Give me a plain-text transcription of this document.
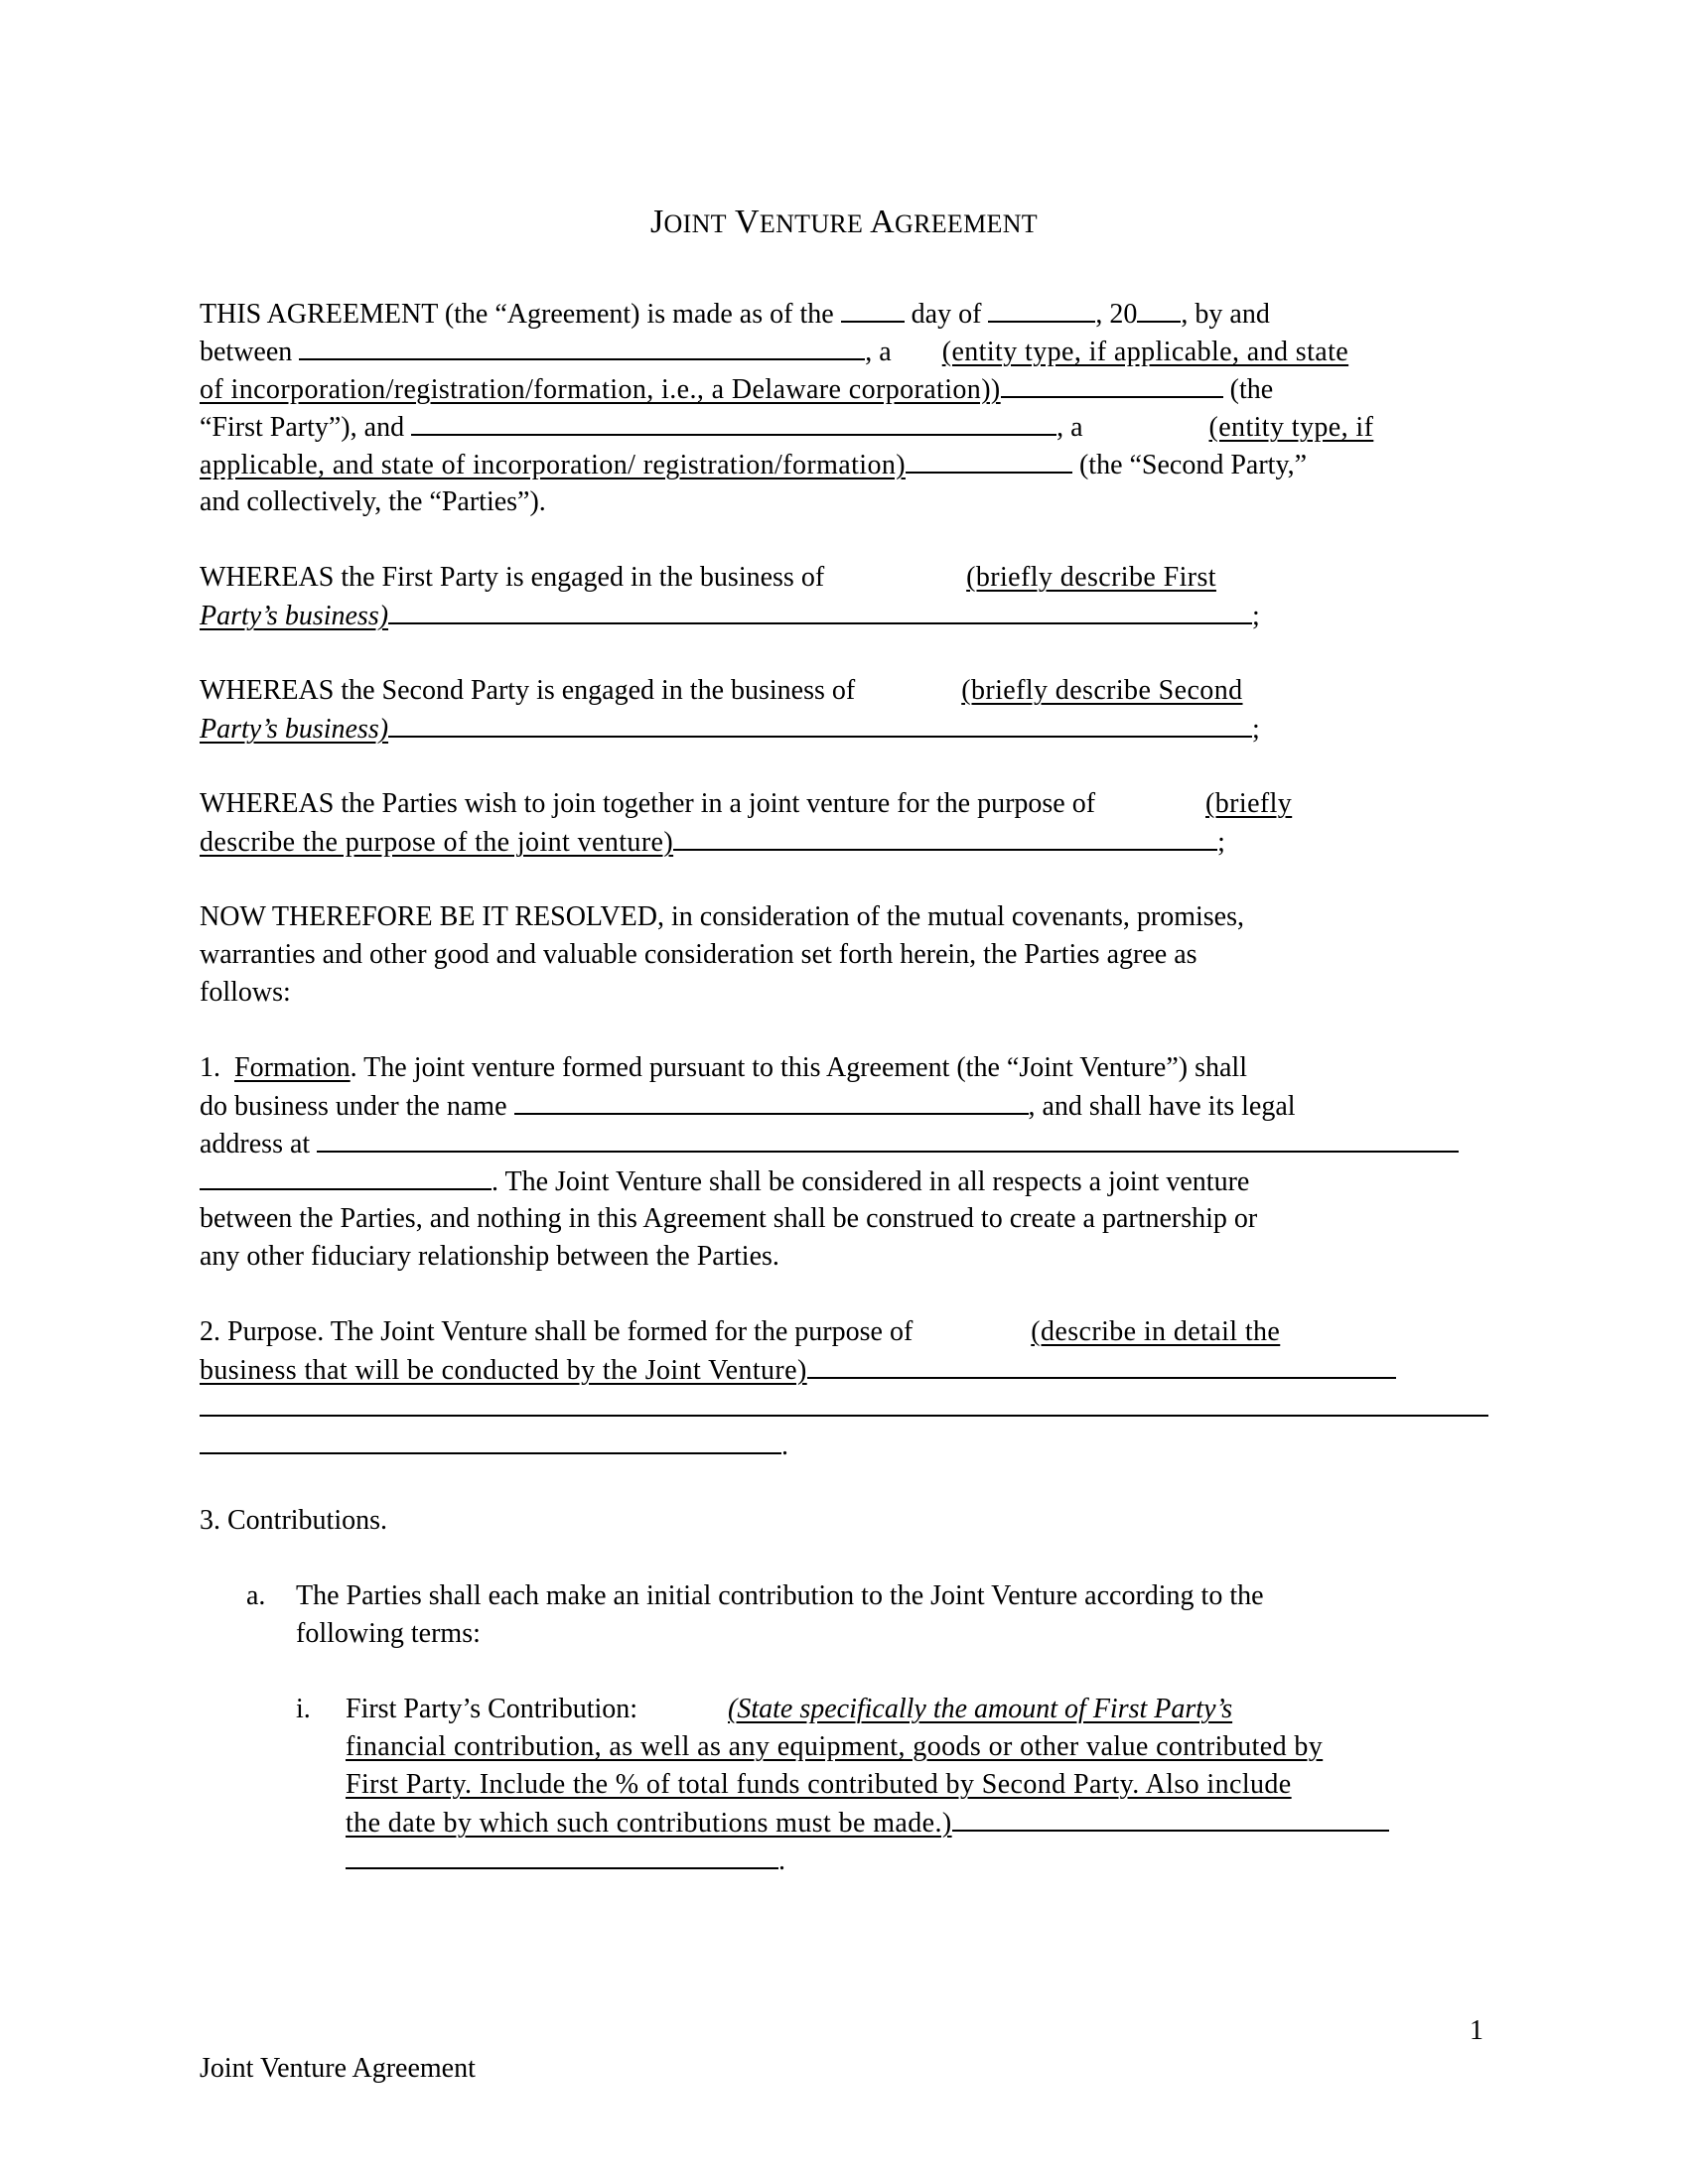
JOINT VENTURE AGREEMENT
THIS AGREEMENT (the “Agreement) is made as of the	day of	, 20 , by and
between	, a (entity type, if applicable, and state
of incorporation/registration/formation, i.e., a Delaware corporation))	(the
“First Party”), and	, a	(entity type, if
applicable, and state of incorporation/ registration/formation)	(the “Second Party,”
and collectively, the “Parties”).
WHEREAS the First Party is engaged in the business of	(briefly describe First
Party’s business)	;
WHEREAS the Second Party is engaged in the business of	(briefly describe Second
Party’s business)	;
WHEREAS the Parties wish to join together in a joint venture for the purpose of	(briefly
describe the purpose of the joint venture)	;
NOW THEREFORE BE IT RESOLVED, in consideration of the mutual covenants, promises,
warranties and other good and valuable consideration set forth herein, the Parties agree as
follows:
1. Formation. The joint venture formed pursuant to this Agreement (the “Joint Venture”) shall
do business under the name	, and shall have its legal
address at
. The Joint Venture shall be considered in all respects a joint venture
between the Parties, and nothing in this Agreement shall be construed to create a partnership or
any other fiduciary relationship between the Parties.
2. Purpose. The Joint Venture shall be formed for the purpose of	(describe in detail the
business that will be conducted by the Joint Venture)
.
3. Contributions.
a. The Parties shall each make an initial contribution to the Joint Venture according to the
following terms:
i. First Party’s Contribution:	(State specifically the amount of First Party’s
financial contribution, as well as any equipment, goods or other value contributed by
First Party. Include the % of total funds contributed by Second Party. Also include
the date by which such contributions must be made.)
.
1
Joint Venture Agreement
